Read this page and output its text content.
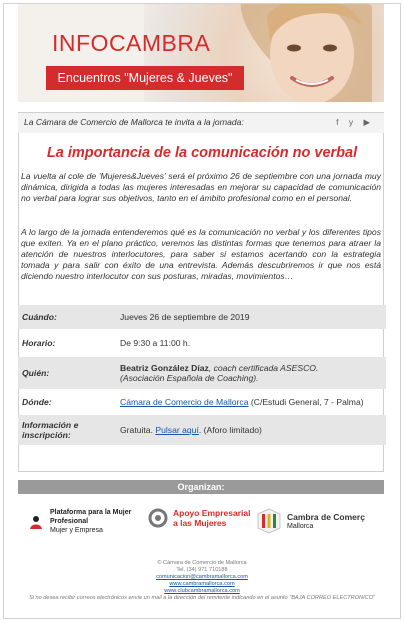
INFOCAMBRA
Encuentros "Mujeres & Jueves"
La Cámara de Comercio de Mallorca te invita a la jornada:	f y ▶
La importancia de la comunicación no verbal

La vuelta al cole de 'Mujeres&Jueves' será el próximo 26 de septiembre con una jornada muy dinámica, dirigida a todas las mujeres interesadas en mejorar su capacidad de comunicación no verbal para lograr sus objetivos, tanto en el ámbito profesional como en el personal.

A lo largo de la jornada entenderemos qué es la comunicación no verbal y los diferentes tipos que exiten. Ya en el plano práctico, veremos las distintas formas que tenemos para atraer la atención de nuestros interlocutores, para saber si estamos acertando con la estrategia tomada y para salir con éxito de una entrevista. Además descubriremos ir que nos está diciendo nuestro interlocutor con sus posturas, miradas, movimientos…

Cuándo:	Jueves 26 de septiembre de 2019
Horario:	De 9:30 a 11:00 h.
Quién:	Beatriz González Díaz, coach certificada ASESCO.
(Asociación Española de Coaching).
Dónde:	Cámara de Comercio de Mallorca (C/Estudi General, 7 - Palma)
Información e inscripción:	Gratuita. Pulsar aquí. (Aforo limitado)
Organizan:
Plataforma para la Mujer
Profesional
Mujer y Empresa
Apoyo Empresarial
a las Mujeres
Cambra de Comerç
Mallorca
© Cámara de Comercio de Mallorca
Tel. (34) 971 710188
comunicacion@cambramallorca.com
www.cambramallorca.com
www.clubcambramallorca.com
Si no desea recibir correos electrónicos envíe un mail a la dirección del remitente indicando en el asunto "BAJA CORREO ELECTRONICO"
